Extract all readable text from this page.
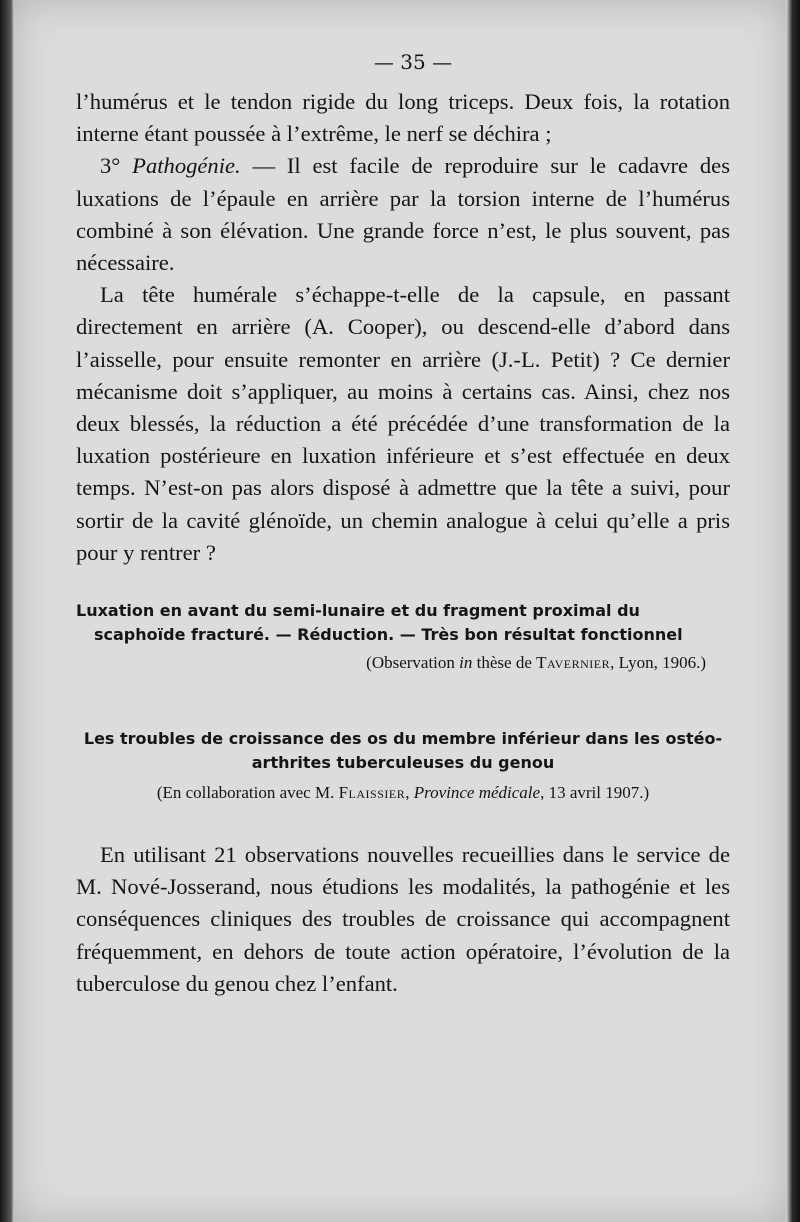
— 35 —

l’humérus et le tendon rigide du long triceps. Deux fois, la rotation interne étant poussée à l’extrême, le nerf se déchira ;

3° Pathogénie. — Il est facile de reproduire sur le cadavre des luxations de l’épaule en arrière par la torsion interne de l’humérus combiné à son élévation. Une grande force n’est, le plus souvent, pas nécessaire.

La tête humérale s’échappe-t-elle de la capsule, en passant directement en arrière (A. Cooper), ou descend-elle d’abord dans l’aisselle, pour ensuite remonter en arrière (J.-L. Petit) ? Ce dernier mécanisme doit s’appliquer, au moins à certains cas. Ainsi, chez nos deux blessés, la réduction a été précédée d’une transformation de la luxation postérieure en luxation inférieure et s’est effectuée en deux temps. N’est-on pas alors disposé à admettre que la tête a suivi, pour sortir de la cavité glénoïde, un chemin analogue à celui qu’elle a pris pour y rentrer ?

Luxation en avant du semi-lunaire et du fragment proximal du scaphoïde fracturé. — Réduction. — Très bon résultat fonctionnel
(Observation in thèse de Tavernier, Lyon, 1906.)
Les troubles de croissance des os du membre inférieur dans les ostéo-arthrites tuberculeuses du genou
(En collaboration avec M. Flaissier, Province médicale, 13 avril 1907.)

En utilisant 21 observations nouvelles recueillies dans le service de M. Nové-Josserand, nous étudions les modalités, la pathogénie et les conséquences cliniques des troubles de croissance qui accompagnent fréquemment, en dehors de toute action opératoire, l’évolution de la tuberculose du genou chez l’enfant.
